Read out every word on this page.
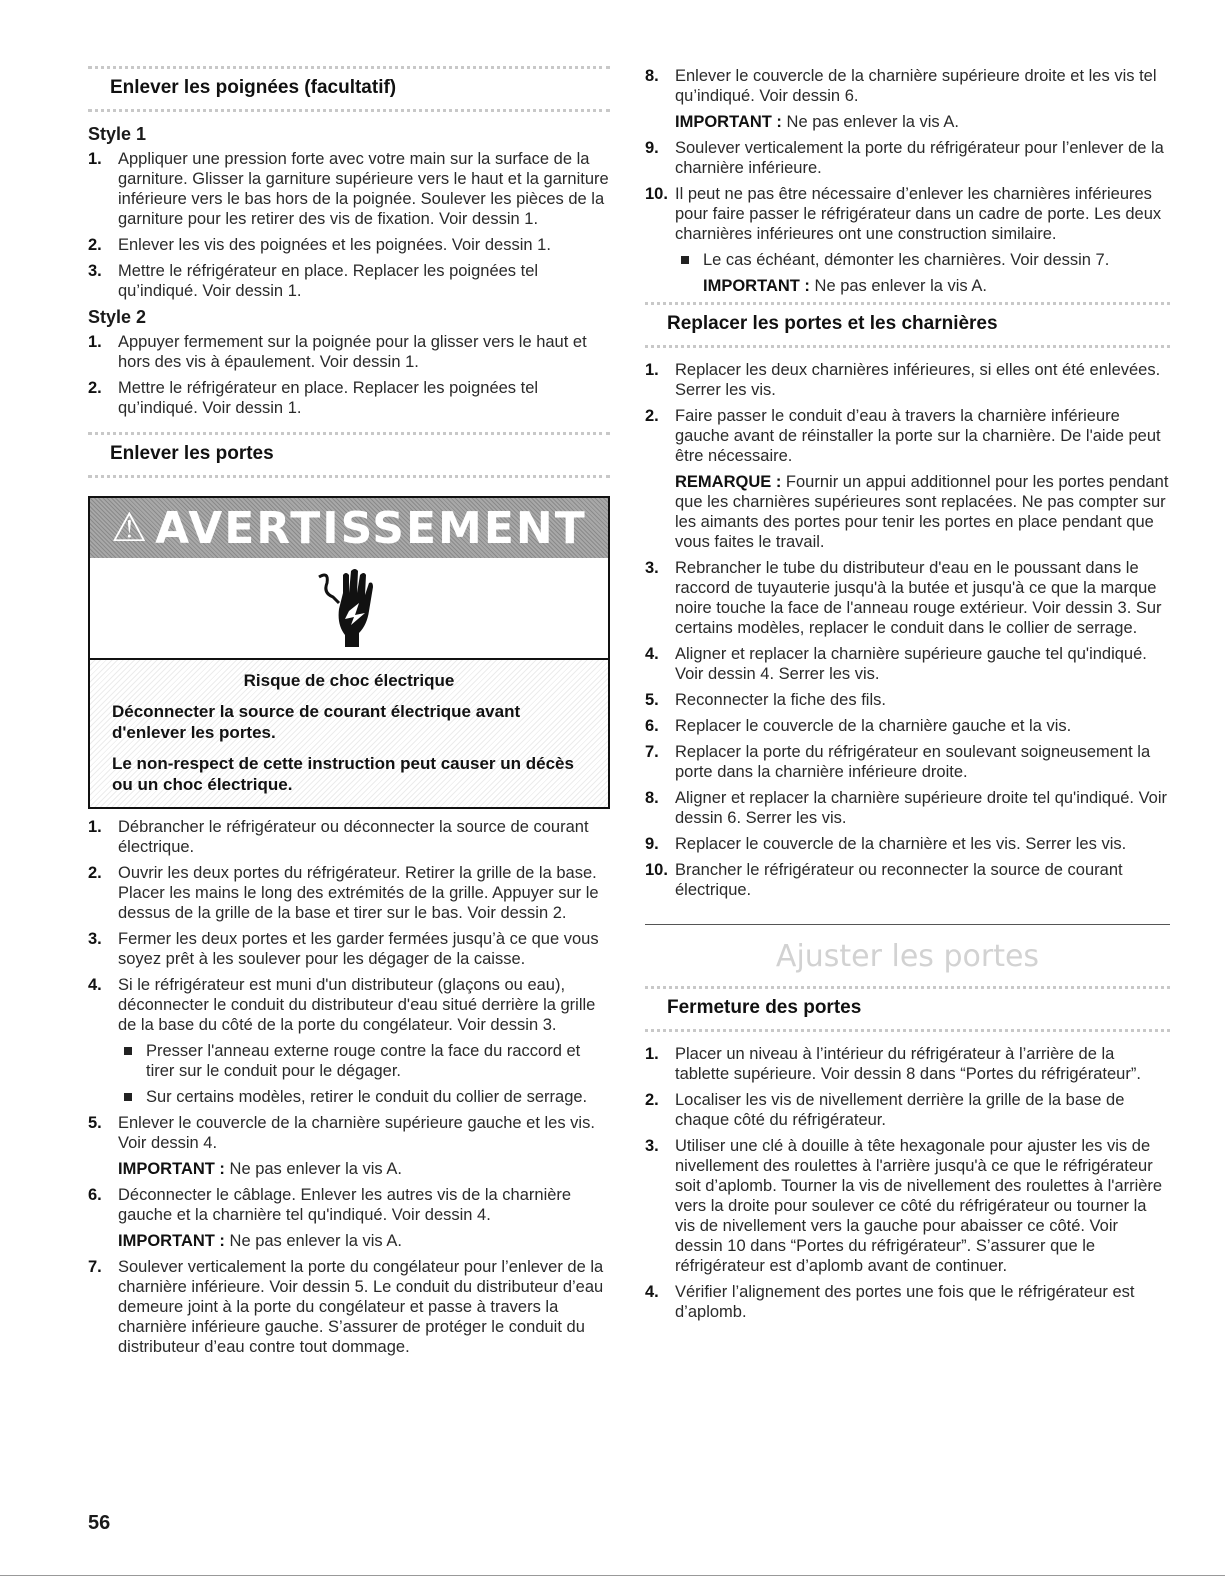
Enlever les poignées (facultatif)
Style 1
1. Appliquer une pression forte avec votre main sur la surface de la garniture. Glisser la garniture supérieure vers le haut et la garniture inférieure vers le bas hors de la poignée. Soulever les pièces de la garniture pour les retirer des vis de fixation. Voir dessin 1.
2. Enlever les vis des poignées et les poignées. Voir dessin 1.
3. Mettre le réfrigérateur en place. Replacer les poignées tel qu’indiqué. Voir dessin 1.
Style 2
1. Appuyer fermement sur la poignée pour la glisser vers le haut et hors des vis à épaulement. Voir dessin 1.
2. Mettre le réfrigérateur en place. Replacer les poignées tel qu’indiqué. Voir dessin 1.
Enlever les portes
⚠ AVERTISSEMENT

Risque de choc électrique

Déconnecter la source de courant électrique avant d'enlever les portes.

Le non-respect de cette instruction peut causer un décès ou un choc électrique.

1. Débrancher le réfrigérateur ou déconnecter la source de courant électrique.
2. Ouvrir les deux portes du réfrigérateur. Retirer la grille de la base. Placer les mains le long des extrémités de la grille. Appuyer sur le dessus de la grille de la base et tirer sur le bas. Voir dessin 2.
3. Fermer les deux portes et les garder fermées jusqu’à ce que vous soyez prêt à les soulever pour les dégager de la caisse.
4. Si le réfrigérateur est muni d'un distributeur (glaçons ou eau), déconnecter le conduit du distributeur d'eau situé derrière la grille de la base du côté de la porte du congélateur. Voir dessin 3.
Presser l'anneau externe rouge contre la face du raccord et tirer sur le conduit pour le dégager.
Sur certains modèles, retirer le conduit du collier de serrage.
5. Enlever le couvercle de la charnière supérieure gauche et les vis. Voir dessin 4.
IMPORTANT : Ne pas enlever la vis A.
6. Déconnecter le câblage. Enlever les autres vis de la charnière gauche et la charnière tel qu'indiqué. Voir dessin 4.
IMPORTANT : Ne pas enlever la vis A.
7. Soulever verticalement la porte du congélateur pour l’enlever de la charnière inférieure. Voir dessin 5. Le conduit du distributeur d’eau demeure joint à la porte du congélateur et passe à travers la charnière inférieure gauche. S’assurer de protéger le conduit du distributeur d’eau contre tout dommage.
8. Enlever le couvercle de la charnière supérieure droite et les vis tel qu’indiqué. Voir dessin 6.
IMPORTANT : Ne pas enlever la vis A.
9. Soulever verticalement la porte du réfrigérateur pour l’enlever de la charnière inférieure.
10. Il peut ne pas être nécessaire d’enlever les charnières inférieures pour faire passer le réfrigérateur dans un cadre de porte. Les deux charnières inférieures ont une construction similaire.
Le cas échéant, démonter les charnières. Voir dessin 7.
IMPORTANT : Ne pas enlever la vis A.
Replacer les portes et les charnières
1. Replacer les deux charnières inférieures, si elles ont été enlevées. Serrer les vis.
2. Faire passer le conduit d’eau à travers la charnière inférieure gauche avant de réinstaller la porte sur la charnière. De l'aide peut être nécessaire.
REMARQUE : Fournir un appui additionnel pour les portes pendant que les charnières supérieures sont replacées. Ne pas compter sur les aimants des portes pour tenir les portes en place pendant que vous faites le travail.
3. Rebrancher le tube du distributeur d'eau en le poussant dans le raccord de tuyauterie jusqu'à la butée et jusqu'à ce que la marque noire touche la face de l'anneau rouge extérieur. Voir dessin 3. Sur certains modèles, replacer le conduit dans le collier de serrage.
4. Aligner et replacer la charnière supérieure gauche tel qu'indiqué. Voir dessin 4. Serrer les vis.
5. Reconnecter la fiche des fils.
6. Replacer le couvercle de la charnière gauche et la vis.
7. Replacer la porte du réfrigérateur en soulevant soigneusement la porte dans la charnière inférieure droite.
8. Aligner et replacer la charnière supérieure droite tel qu'indiqué. Voir dessin 6. Serrer les vis.
9. Replacer le couvercle de la charnière et les vis. Serrer les vis.
10. Brancher le réfrigérateur ou reconnecter la source de courant électrique.
Ajuster les portes
Fermeture des portes
1. Placer un niveau à l’intérieur du réfrigérateur à l’arrière de la tablette supérieure. Voir dessin 8 dans “Portes du réfrigérateur”.
2. Localiser les vis de nivellement derrière la grille de la base de chaque côté du réfrigérateur.
3. Utiliser une clé à douille à tête hexagonale pour ajuster les vis de nivellement des roulettes à l'arrière jusqu'à ce que le réfrigérateur soit d’aplomb. Tourner la vis de nivellement des roulettes à l'arrière vers la droite pour soulever ce côté du réfrigérateur ou tourner la vis de nivellement vers la gauche pour abaisser ce côté. Voir dessin 10 dans “Portes du réfrigérateur”. S’assurer que le réfrigérateur est d’aplomb avant de continuer.
4. Vérifier l’alignement des portes une fois que le réfrigérateur est d’aplomb.
56
